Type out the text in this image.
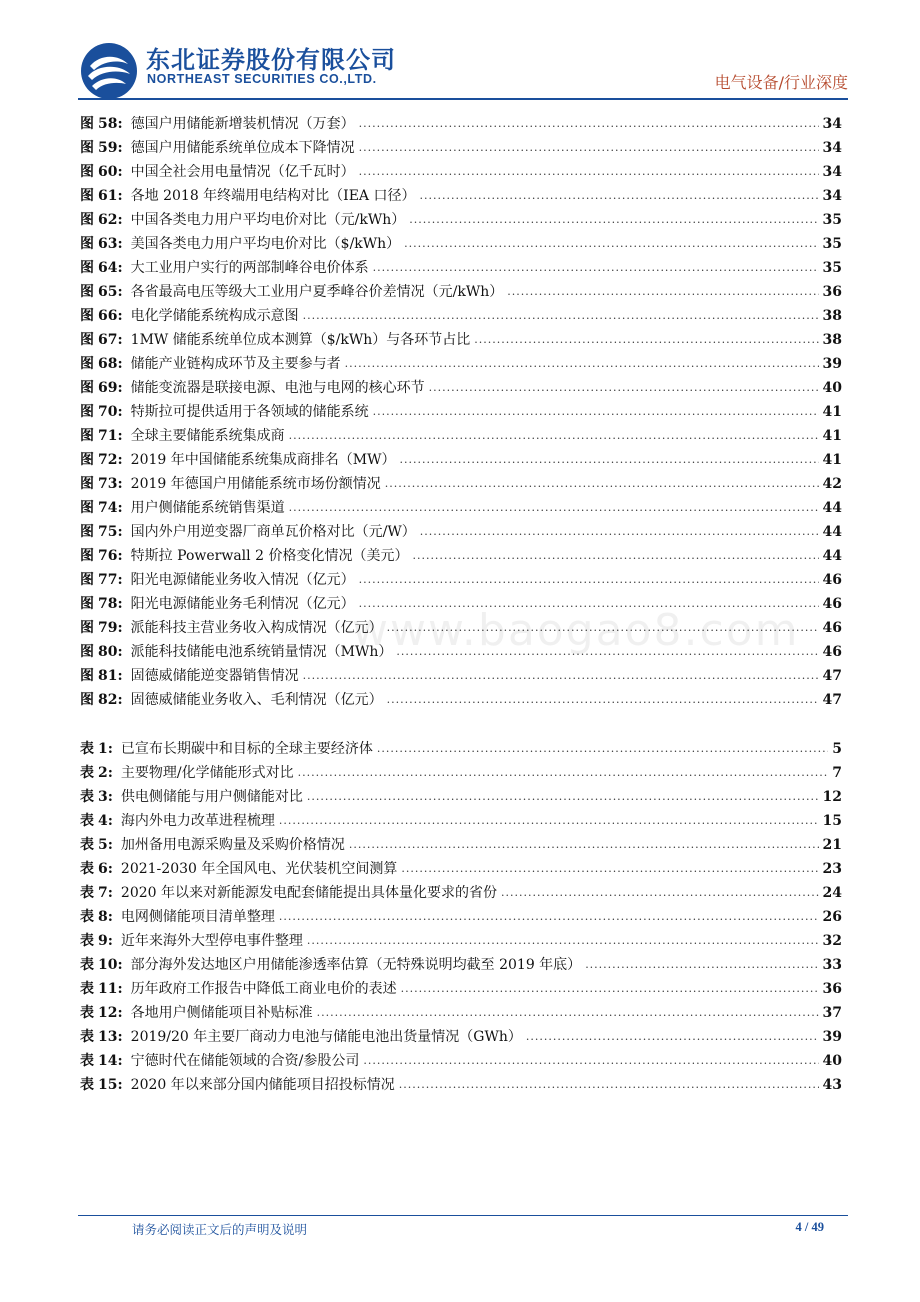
东北证券股份有限公司
NORTHEAST SECURITIES CO.,LTD.	电气设备/行业深度
www.baogao8.com
图 58: 德国户用储能新增装机情况（万套） .....	34
图 59: 德国户用储能系统单位成本下降情况 .....	34
图 60: 中国全社会用电量情况（亿千瓦时） .....	34
图 61: 各地 2018 年终端用电结构对比（IEA 口径） .....	34
图 62: 中国各类电力用户平均电价对比（元/kWh） .....	35
图 63: 美国各类电力用户平均电价对比（$/kWh） .....	35
图 64: 大工业用户实行的两部制峰谷电价体系 .....	35
图 65: 各省最高电压等级大工业用户夏季峰谷价差情况（元/kWh） .....	36
图 66: 电化学储能系统构成示意图 .....	38
图 67: 1MW 储能系统单位成本测算（$/kWh）与各环节占比 .....	38
图 68: 储能产业链构成环节及主要参与者 .....	39
图 69: 储能变流器是联接电源、电池与电网的核心环节 .....	40
图 70: 特斯拉可提供适用于各领域的储能系统 .....	41
图 71: 全球主要储能系统集成商 .....	41
图 72: 2019 年中国储能系统集成商排名（MW） .....	41
图 73: 2019 年德国户用储能系统市场份额情况 .....	42
图 74: 用户侧储能系统销售渠道 .....	44
图 75: 国内外户用逆变器厂商单瓦价格对比（元/W） .....	44
图 76: 特斯拉 Powerwall 2 价格变化情况（美元） .....	44
图 77: 阳光电源储能业务收入情况（亿元） .....	46
图 78: 阳光电源储能业务毛利情况（亿元） .....	46
图 79: 派能科技主营业务收入构成情况（亿元） .....	46
图 80: 派能科技储能电池系统销量情况（MWh） .....	46
图 81: 固德威储能逆变器销售情况 .....	47
图 82: 固德威储能业务收入、毛利情况（亿元） .....	47
表 1: 已宣布长期碳中和目标的全球主要经济体 .....	5
表 2: 主要物理/化学储能形式对比 .....	7
表 3: 供电侧储能与用户侧储能对比 .....	12
表 4: 海内外电力改革进程梳理 .....	15
表 5: 加州备用电源采购量及采购价格情况 .....	21
表 6: 2021-2030 年全国风电、光伏装机空间测算 .....	23
表 7: 2020 年以来对新能源发电配套储能提出具体量化要求的省份 .....	24
表 8: 电网侧储能项目清单整理 .....	26
表 9: 近年来海外大型停电事件整理 .....	32
表 10: 部分海外发达地区户用储能渗透率估算（无特殊说明均截至 2019 年底） .....	33
表 11: 历年政府工作报告中降低工商业电价的表述 .....	36
表 12: 各地用户侧储能项目补贴标准 .....	37
表 13: 2019/20 年主要厂商动力电池与储能电池出货量情况（GWh） .....	39
表 14: 宁德时代在储能领域的合资/参股公司 .....	40
表 15: 2020 年以来部分国内储能项目招投标情况 .....	43
请务必阅读正文后的声明及说明	4 / 49
